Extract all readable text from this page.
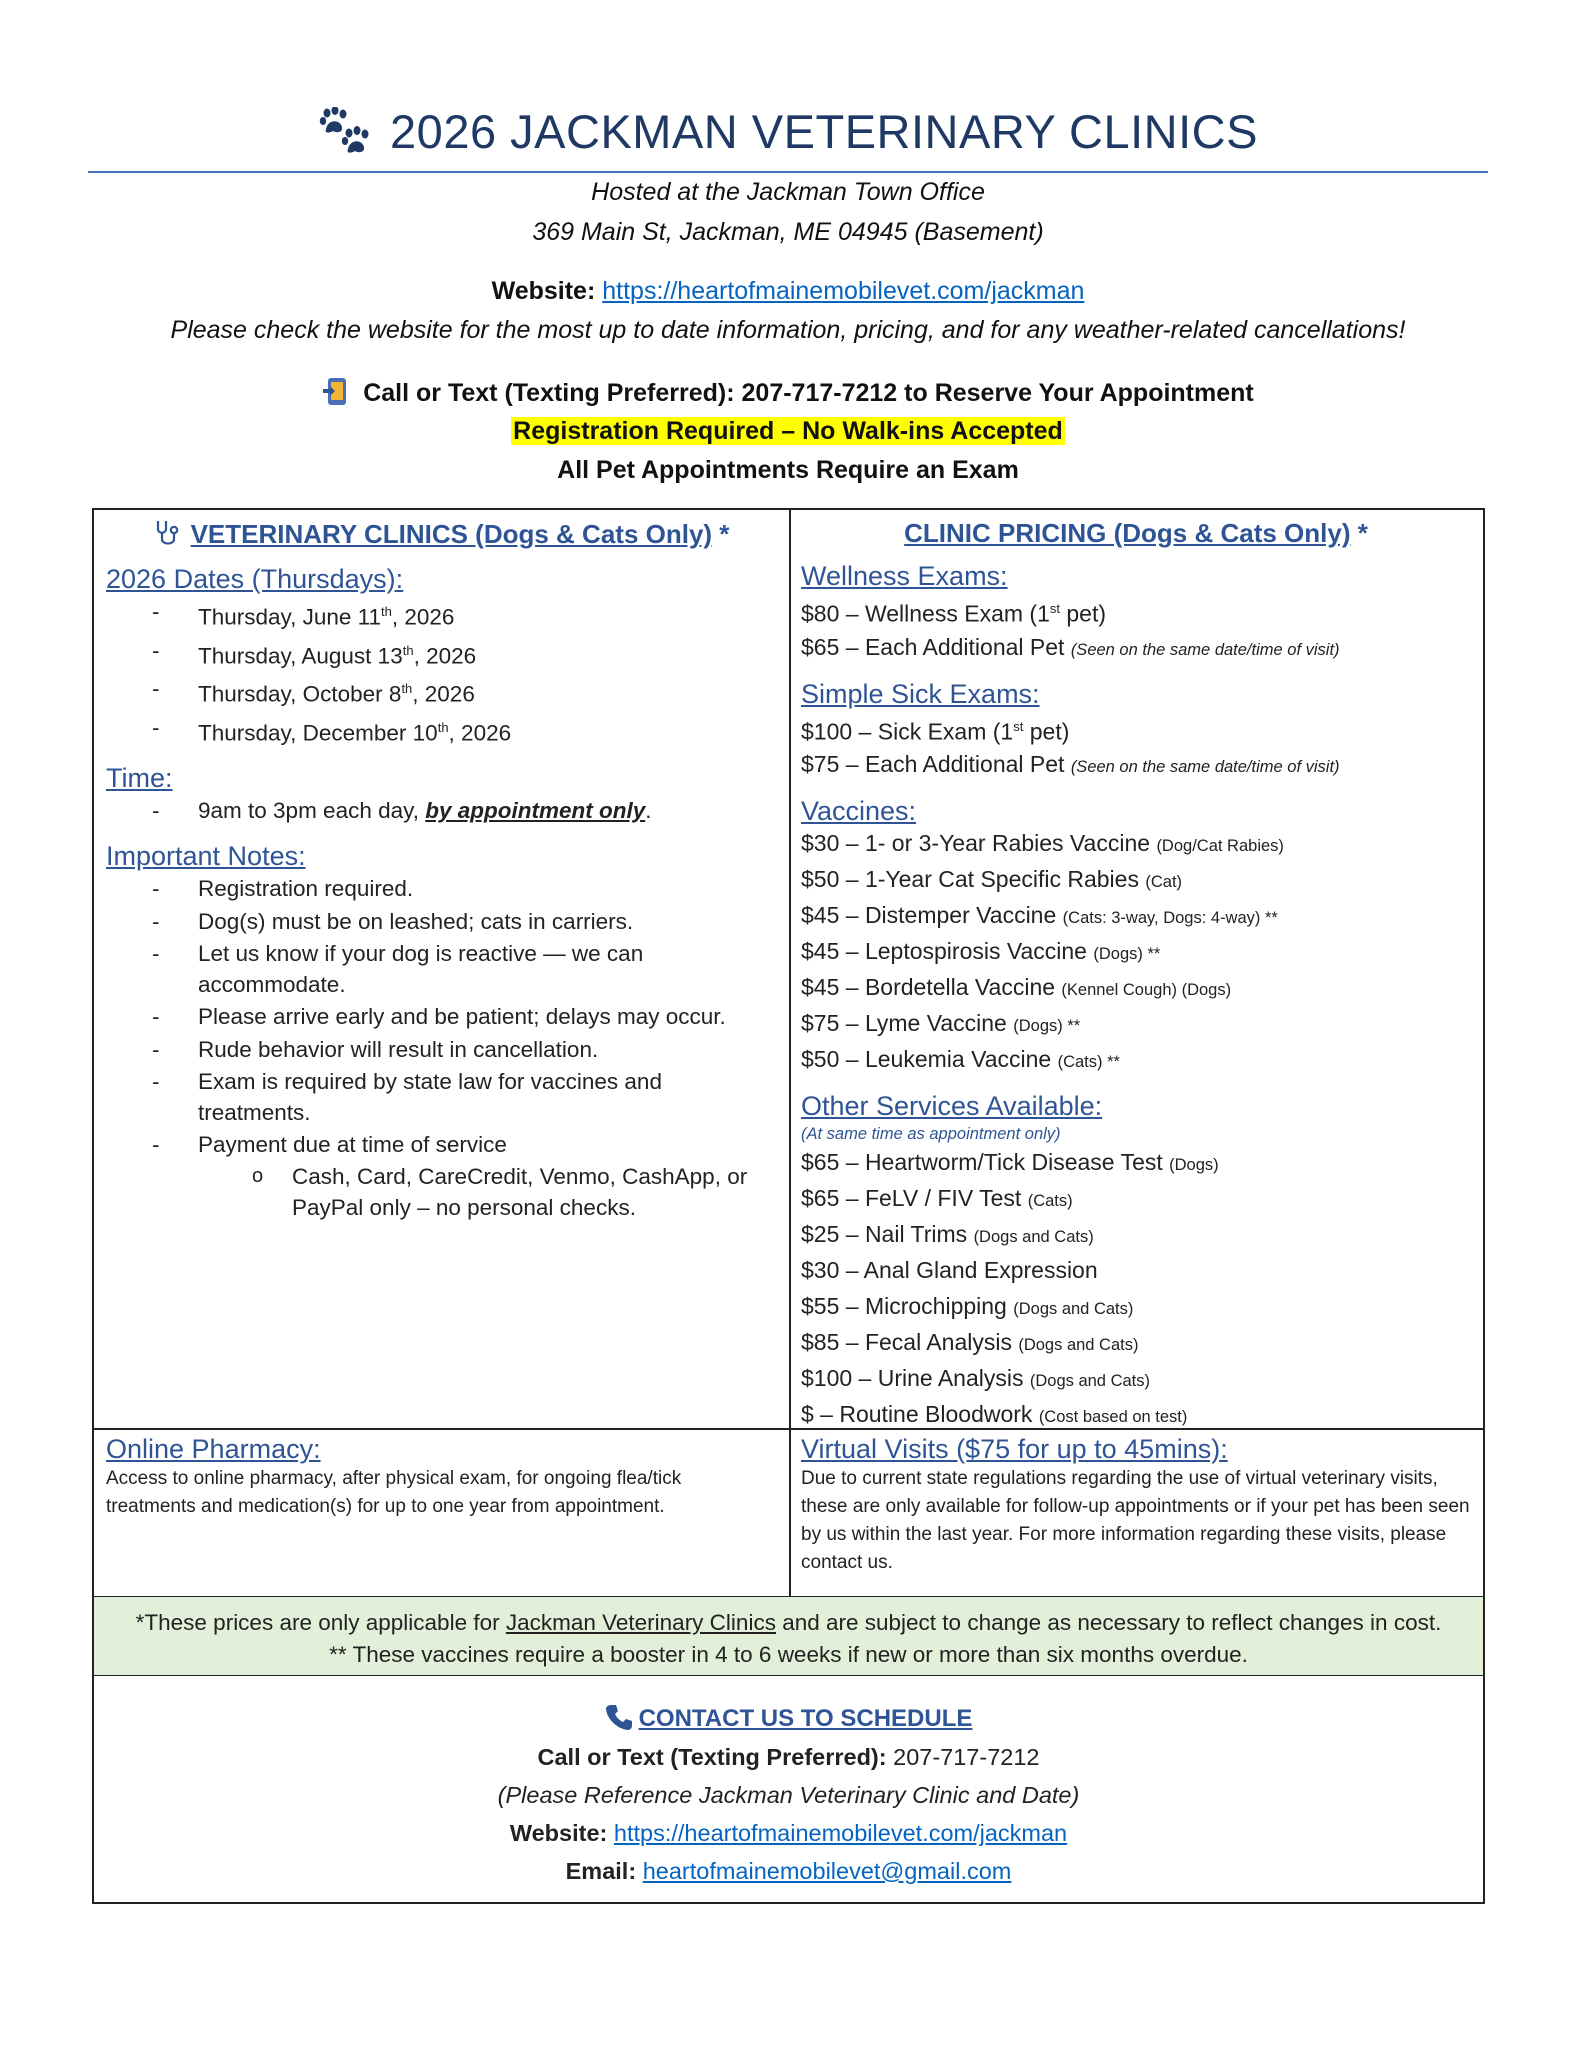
2026 JACKMAN VETERINARY CLINICS
Hosted at the Jackman Town Office
369 Main St, Jackman, ME 04945 (Basement)
Website: https://heartofmainemobilevet.com/jackman
Please check the website for the most up to date information, pricing, and for any weather-related cancellations!
Call or Text (Texting Preferred): 207-717-7212 to Reserve Your Appointment
Registration Required – No Walk-ins Accepted
All Pet Appointments Require an Exam
VETERINARY CLINICS (Dogs & Cats Only) *
2026 Dates (Thursdays):
- Thursday, June 11th, 2026
- Thursday, August 13th, 2026
- Thursday, October 8th, 2026
- Thursday, December 10th, 2026
Time:
- 9am to 3pm each day, by appointment only.
Important Notes:
- Registration required.
- Dog(s) must be on leashed; cats in carriers.
- Let us know if your dog is reactive — we can accommodate.
- Please arrive early and be patient; delays may occur.
- Rude behavior will result in cancellation.
- Exam is required by state law for vaccines and treatments.
- Payment due at time of service
o Cash, Card, CareCredit, Venmo, CashApp, or PayPal only – no personal checks.
CLINIC PRICING (Dogs & Cats Only) *
Wellness Exams:
$80 – Wellness Exam (1st pet)
$65 – Each Additional Pet (Seen on the same date/time of visit)
Simple Sick Exams:
$100 – Sick Exam (1st pet)
$75 – Each Additional Pet (Seen on the same date/time of visit)
Vaccines:
$30 – 1- or 3-Year Rabies Vaccine (Dog/Cat Rabies)
$50 – 1-Year Cat Specific Rabies (Cat)
$45 – Distemper Vaccine (Cats: 3-way, Dogs: 4-way) **
$45 – Leptospirosis Vaccine (Dogs) **
$45 – Bordetella Vaccine (Kennel Cough) (Dogs)
$75 – Lyme Vaccine (Dogs) **
$50 – Leukemia Vaccine (Cats) **
Other Services Available:
(At same time as appointment only)
$65 – Heartworm/Tick Disease Test (Dogs)
$65 – FeLV / FIV Test (Cats)
$25 – Nail Trims (Dogs and Cats)
$30 – Anal Gland Expression
$55 – Microchipping (Dogs and Cats)
$85 – Fecal Analysis (Dogs and Cats)
$100 – Urine Analysis (Dogs and Cats)
$ – Routine Bloodwork (Cost based on test)
Online Pharmacy:
Access to online pharmacy, after physical exam, for ongoing flea/tick treatments and medication(s) for up to one year from appointment.
Virtual Visits ($75 for up to 45mins):
Due to current state regulations regarding the use of virtual veterinary visits, these are only available for follow-up appointments or if your pet has been seen by us within the last year. For more information regarding these visits, please contact us.
*These prices are only applicable for Jackman Veterinary Clinics and are subject to change as necessary to reflect changes in cost.
** These vaccines require a booster in 4 to 6 weeks if new or more than six months overdue.
CONTACT US TO SCHEDULE
Call or Text (Texting Preferred): 207-717-7212
(Please Reference Jackman Veterinary Clinic and Date)
Website: https://heartofmainemobilevet.com/jackman
Email: heartofmainemobilevet@gmail.com
